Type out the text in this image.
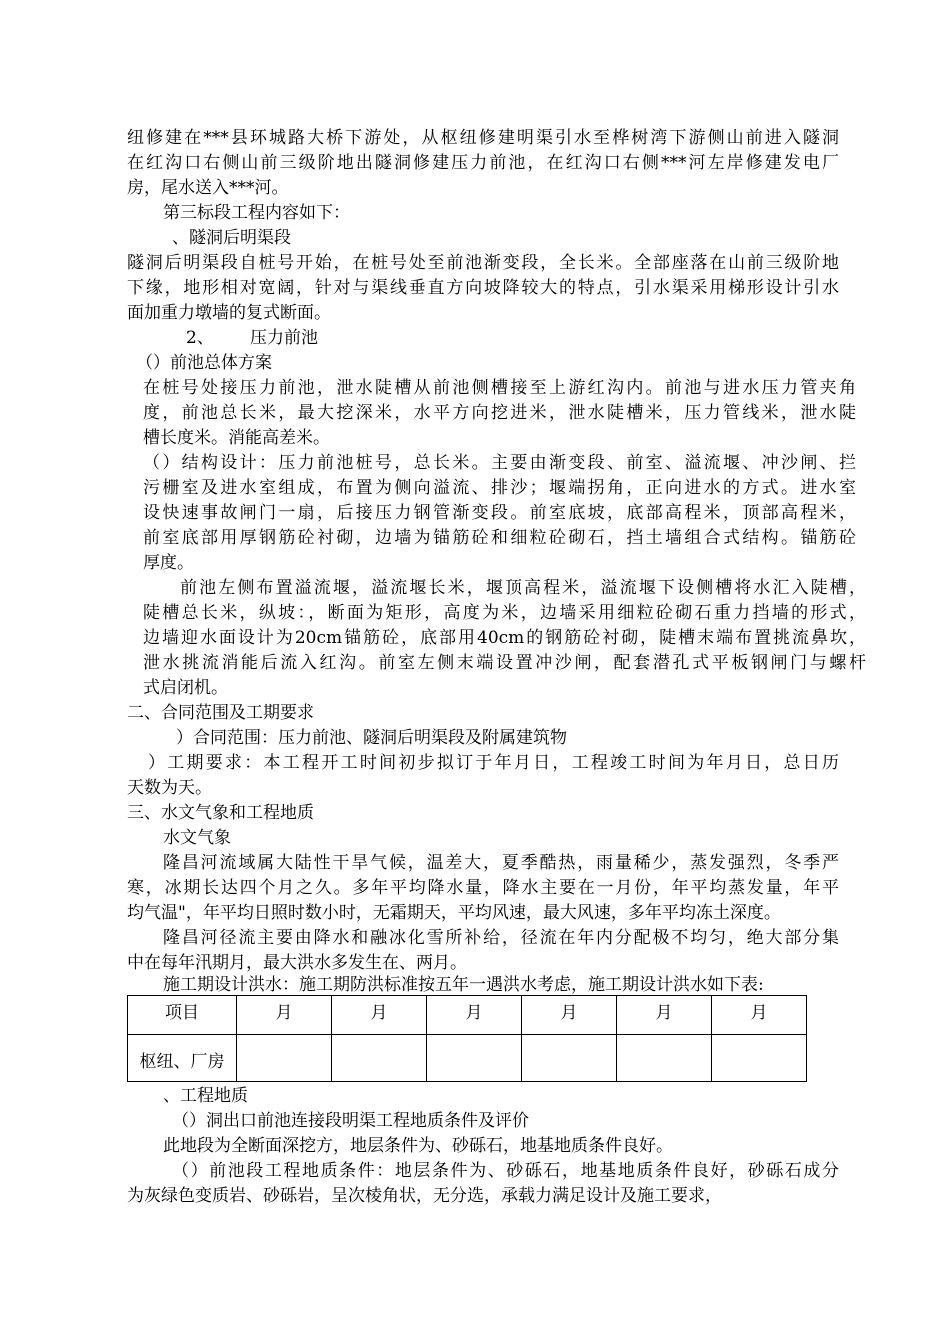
纽修建在***县环城路大桥下游处，从枢纽修建明渠引水至桦树湾下游侧山前进入隧洞
在红沟口右侧山前三级阶地出隧洞修建压力前池，在红沟口右侧***河左岸修建发电厂
房，尾水送入***河。
第三标段工程内容如下：
、隧洞后明渠段
隧洞后明渠段自桩号开始，在桩号处至前池渐变段，全长米。全部座落在山前三级阶地
下缘，地形相对宽阔，针对与渠线垂直方向坡降较大的特点，引水渠采用梯形设计引水
面加重力墩墙的复式断面。
2、 压力前池
（）前池总体方案
在桩号处接压力前池，泄水陡槽从前池侧槽接至上游红沟内。前池与进水压力管夹角
度，前池总长米，最大挖深米，水平方向挖进米，泄水陡槽米，压力管线米，泄水陡
槽长度米。消能高差米。
（）结构设计：压力前池桩号，总长米。主要由渐变段、前室、溢流堰、冲沙闸、拦
污栅室及进水室组成，布置为侧向溢流、排沙；堰端拐角，正向进水的方式。进水室
设快速事故闸门一扇，后接压力钢管渐变段。前室底坡，底部高程米，顶部高程米，
前室底部用厚钢筋砼衬砌，边墙为锚筋砼和细粒砼砌石，挡土墙组合式结构。锚筋砼
厚度。
前池左侧布置溢流堰，溢流堰长米，堰顶高程米，溢流堰下设侧槽将水汇入陡槽，
陡槽总长米，纵坡：，断面为矩形，高度为米，边墙采用细粒砼砌石重力挡墙的形式，
边墙迎水面设计为20cm锚筋砼，底部用40cm的钢筋砼衬砌，陡槽末端布置挑流鼻坎，
泄水挑流消能后流入红沟。前室左侧末端设置冲沙闸，配套潜孔式平板钢闸门与螺杆
式启闭机。
二、合同范围及工期要求
）合同范围：压力前池、隧洞后明渠段及附属建筑物
）工期要求：本工程开工时间初步拟订于年月日，工程竣工时间为年月日，总日历
天数为天。
三、水文气象和工程地质
水文气象
隆昌河流域属大陆性干旱气候，温差大，夏季酷热，雨量稀少，蒸发强烈，冬季严
寒，冰期长达四个月之久。多年平均降水量，降水主要在一月份，年平均蒸发量，年平
均气温"，年平均日照时数小时，无霜期天，平均风速，最大风速，多年平均冻土深度。
隆昌河径流主要由降水和融冰化雪所补给，径流在年内分配极不均匀，绝大部分集
中在每年汛期月，最大洪水多发生在、两月。
施工期设计洪水：施工期防洪标准按五年一遇洪水考虑，施工期设计洪水如下表:
项目	月	月	月	月	月	月
枢纽、厂房						
、工程地质
（）洞出口前池连接段明渠工程地质条件及评价
此地段为全断面深挖方，地层条件为、砂砾石，地基地质条件良好。
（）前池段工程地质条件：地层条件为、砂砾石，地基地质条件良好，砂砾石成分
为灰绿色变质岩、砂砾岩，呈次棱角状，无分选，承载力满足设计及施工要求，
